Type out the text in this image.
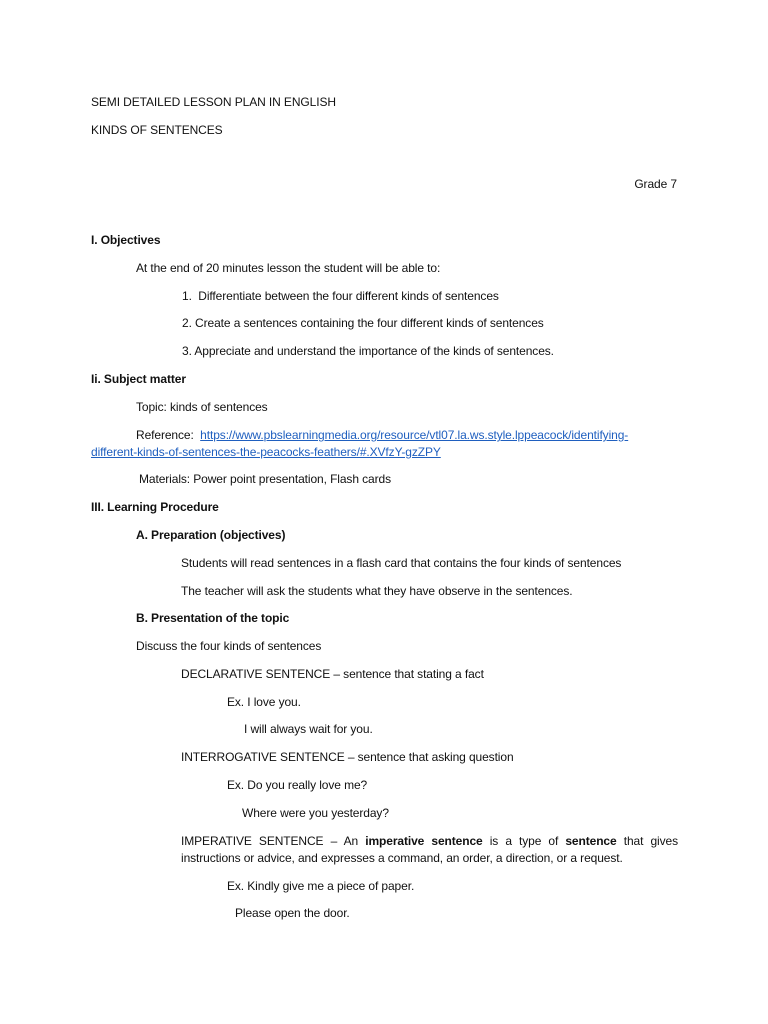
SEMI DETAILED LESSON PLAN IN ENGLISH
KINDS OF SENTENCES
Grade 7
I. Objectives
At the end of 20 minutes lesson the student will be able to:
1.  Differentiate between the four different kinds of sentences
2. Create a sentences containing the four different kinds of sentences
3. Appreciate and understand the importance of the kinds of sentences.
Ii. Subject matter
Topic: kinds of sentences
Reference: https://www.pbslearningmedia.org/resource/vtl07.la.ws.style.lppeacock/identifying-
different-kinds-of-sentences-the-peacocks-feathers/#.XVfzY-gzZPY
Materials: Power point presentation, Flash cards
III. Learning Procedure
A. Preparation (objectives)
Students will read sentences in a flash card that contains the four kinds of sentences
The teacher will ask the students what they have observe in the sentences.
B. Presentation of the topic
Discuss the four kinds of sentences
DECLARATIVE SENTENCE – sentence that stating a fact
Ex. I love you.
I will always wait for you.
INTERROGATIVE SENTENCE – sentence that asking question
Ex. Do you really love me?
Where were you yesterday?
IMPERATIVE SENTENCE – An imperative sentence is a type of sentence that gives instructions or advice, and expresses a command, an order, a direction, or a request.
Ex. Kindly give me a piece of paper.
Please open the door.
